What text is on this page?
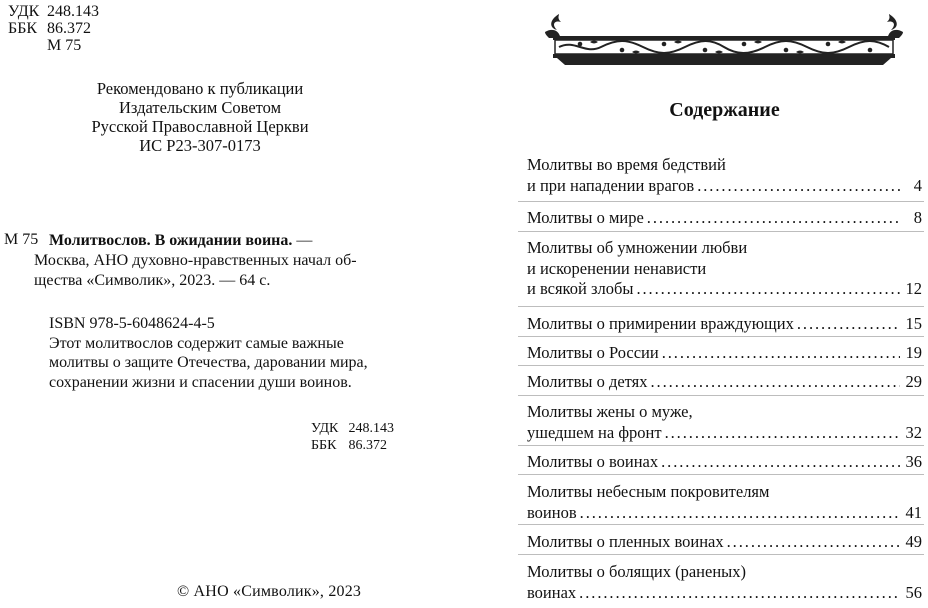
УДК 248.143
ББК 86.372
М 75
Рекомендовано к публикации
Издательским Советом
Русской Православной Церкви
ИС Р23-307-0173
М 75 Молитвослов. В ожидании воина. —

Москва, АНО духовно-нравственных начал об-

щества «Символик», 2023. — 64 с.

ISBN 978-5-6048624-4-5

Этот молитвослов содержит самые важные

молитвы о защите Отечества, даровании мира,

сохранении жизни и спасении души воинов.

УДК 248.143
ББК 86.372
© АНО «Символик», 2023
Содержание
Молитвы во время бедствий
и при нападении врагов . . .	4
Молитвы о мире . . .	8
Молитвы об умножении любви
и искоренении ненависти
и всякой злобы . . .	12
Молитвы о примирении враждующих . . .	15
Молитвы о России . . .	19
Молитвы о детях . . .	29
Молитвы жены о муже,
ушедшем на фронт . . .	32
Молитвы о воинах . . .	36
Молитвы небесным покровителям
воинов . . .	41
Молитвы о пленных воинах . . .	49
Молитвы о болящих (раненых)
воинах . . .	56
